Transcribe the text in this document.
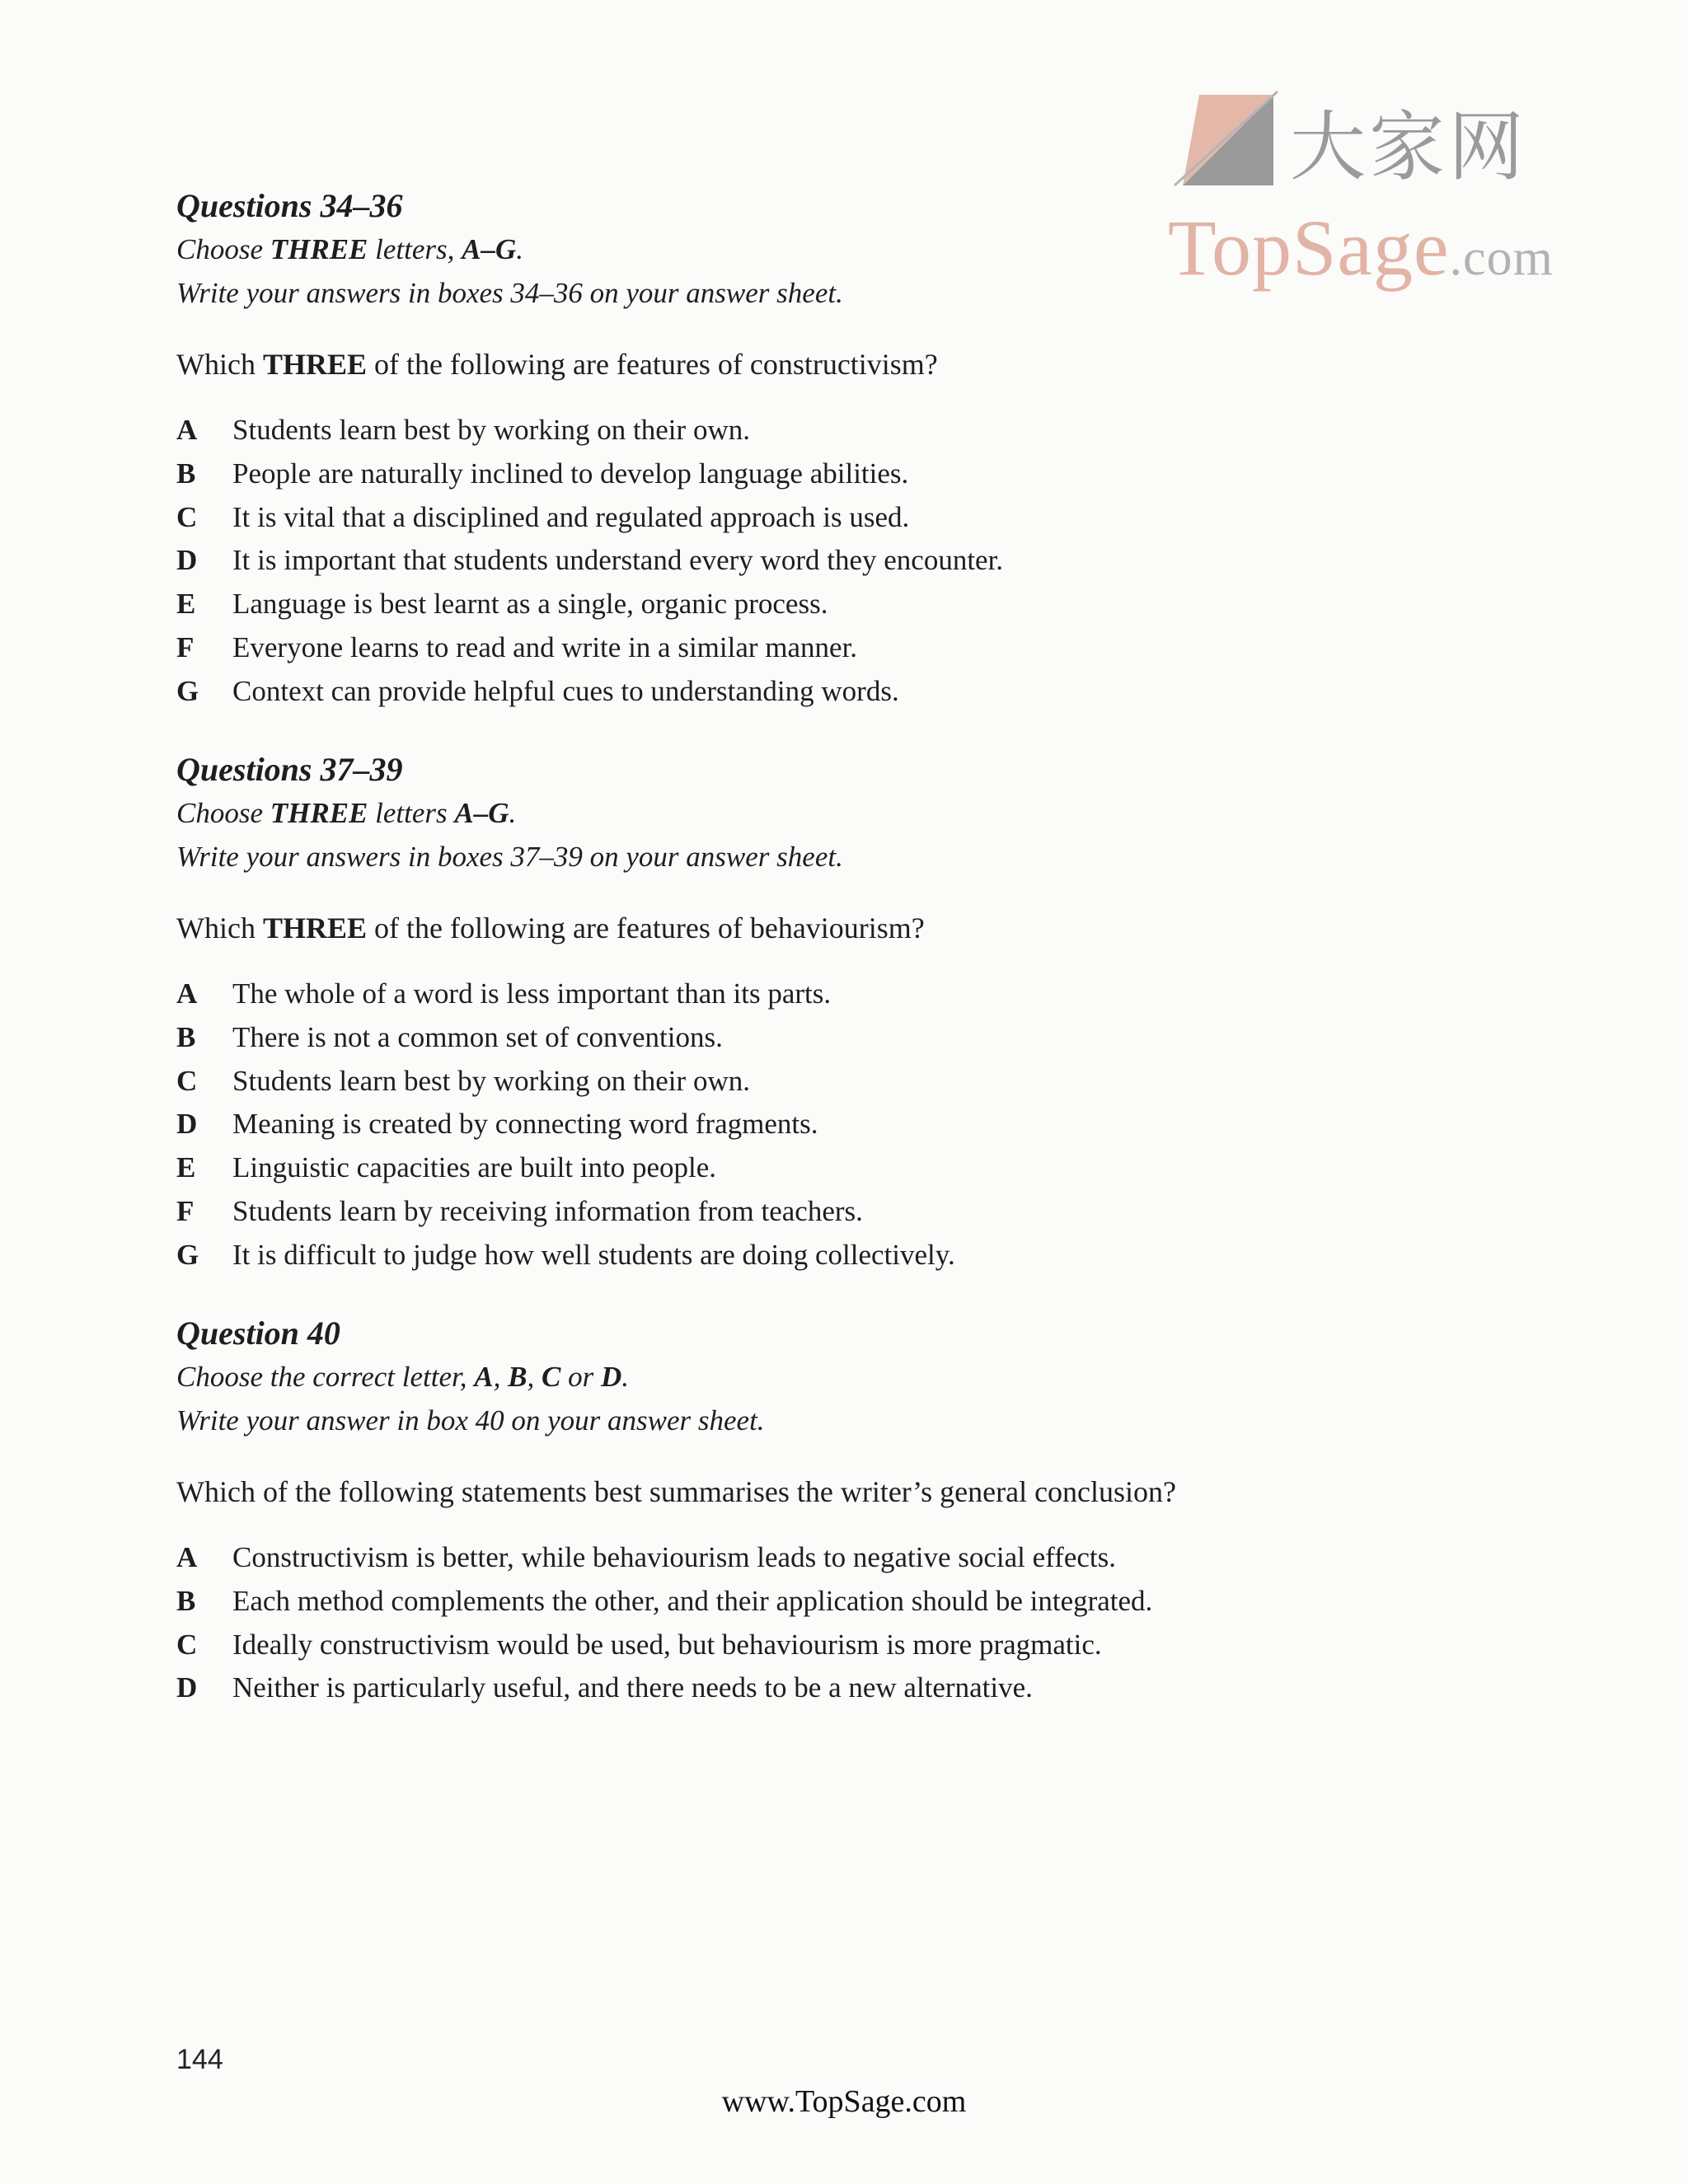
大家网
TopSage.com

Questions 34–36

Choose THREE letters, A–G.

Write your answers in boxes 34–36 on your answer sheet.

Which THREE of the following are features of constructivism?

A	Students learn best by working on their own.
B	People are naturally inclined to develop language abilities.
C	It is vital that a disciplined and regulated approach is used.
D	It is important that students understand every word they encounter.
E	Language is best learnt as a single, organic process.
F	Everyone learns to read and write in a similar manner.
G	Context can provide helpful cues to understanding words.

Questions 37–39

Choose THREE letters A–G.

Write your answers in boxes 37–39 on your answer sheet.

Which THREE of the following are features of behaviourism?

A	The whole of a word is less important than its parts.
B	There is not a common set of conventions.
C	Students learn best by working on their own.
D	Meaning is created by connecting word fragments.
E	Linguistic capacities are built into people.
F	Students learn by receiving information from teachers.
G	It is difficult to judge how well students are doing collectively.

Question 40

Choose the correct letter, A, B, C or D.

Write your answer in box 40 on your answer sheet.

Which of the following statements best summarises the writer’s general conclusion?

A	Constructivism is better, while behaviourism leads to negative social effects.
B	Each method complements the other, and their application should be integrated.
C	Ideally constructivism would be used, but behaviourism is more pragmatic.
D	Neither is particularly useful, and there needs to be a new alternative.
144
www.TopSage.com
